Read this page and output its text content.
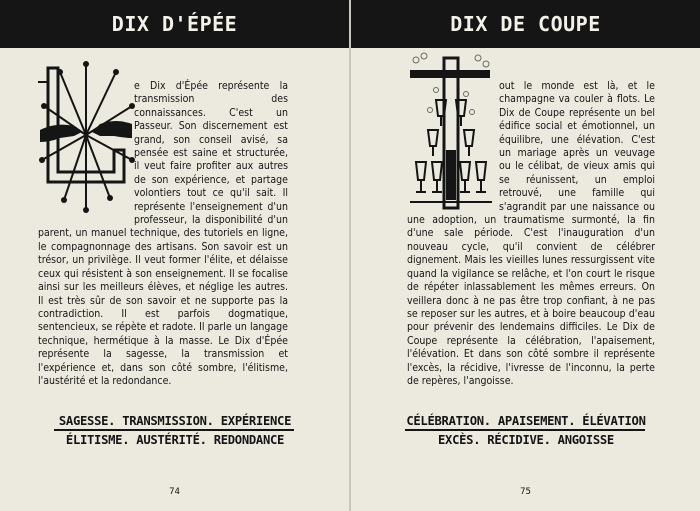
DIX D'ÉPÉE
e Dix d'Épée représente la transmission des connaissances. C'est un Passeur. Son discernement est grand, son conseil avisé, sa pensée est saine et structurée, il veut faire profiter aux autres de son expérience, et partage volontiers tout ce qu'il sait. Il représente l'enseignement d'un professeur, la disponibilité d'un parent, un manuel technique, des tutoriels en ligne, le compagnonnage des artisans. Son savoir est un trésor, un privilège. Il veut former l'élite, et délaisse ceux qui résistent à son enseignement. Il se focalise ainsi sur les meilleurs élèves, et néglige les autres. Il est très sûr de son savoir et ne supporte pas la contradiction. Il est parfois dogmatique, sentencieux, se répète et radote. Il parle un langage technique, hermétique à la masse. Le Dix d'Épée représente la sagesse, la transmission et l'expérience et, dans son côté sombre, l'élitisme, l'austérité et la redondance.
SAGESSE. TRANSMISSION. EXPÉRIENCE
ÉLITISME. AUSTÉRITÉ. REDONDANCE
74
DIX DE COUPE
out le monde est là, et le champagne va couler à flots. Le Dix de Coupe représente un bel édifice social et émotionnel, un équilibre, une élévation. C'est un mariage après un veuvage ou le célibat, de vieux amis qui se réunissent, un emploi retrouvé, une famille qui s'agrandit par une naissance ou une adoption, un traumatisme surmonté, la fin d'une sale période. C'est l'inauguration d'un nouveau cycle, qu'il convient de célébrer dignement. Mais les vieilles lunes ressurgissent vite quand la vigilance se relâche, et l'on court le risque de répéter inlassablement les mêmes erreurs. On veillera donc à ne pas être trop confiant, à ne pas se reposer sur les autres, et à boire beaucoup d'eau pour prévenir des lendemains difficiles. Le Dix de Coupe représente la célébration, l'apaisement, l'élévation. Et dans son côté sombre il représente l'excès, la récidive, l'ivresse de l'inconnu, la perte de repères, l'angoisse.
CÉLÉBRATION. APAISEMENT. ÉLÉVATION
EXCÈS. RÉCIDIVE. ANGOISSE
75
